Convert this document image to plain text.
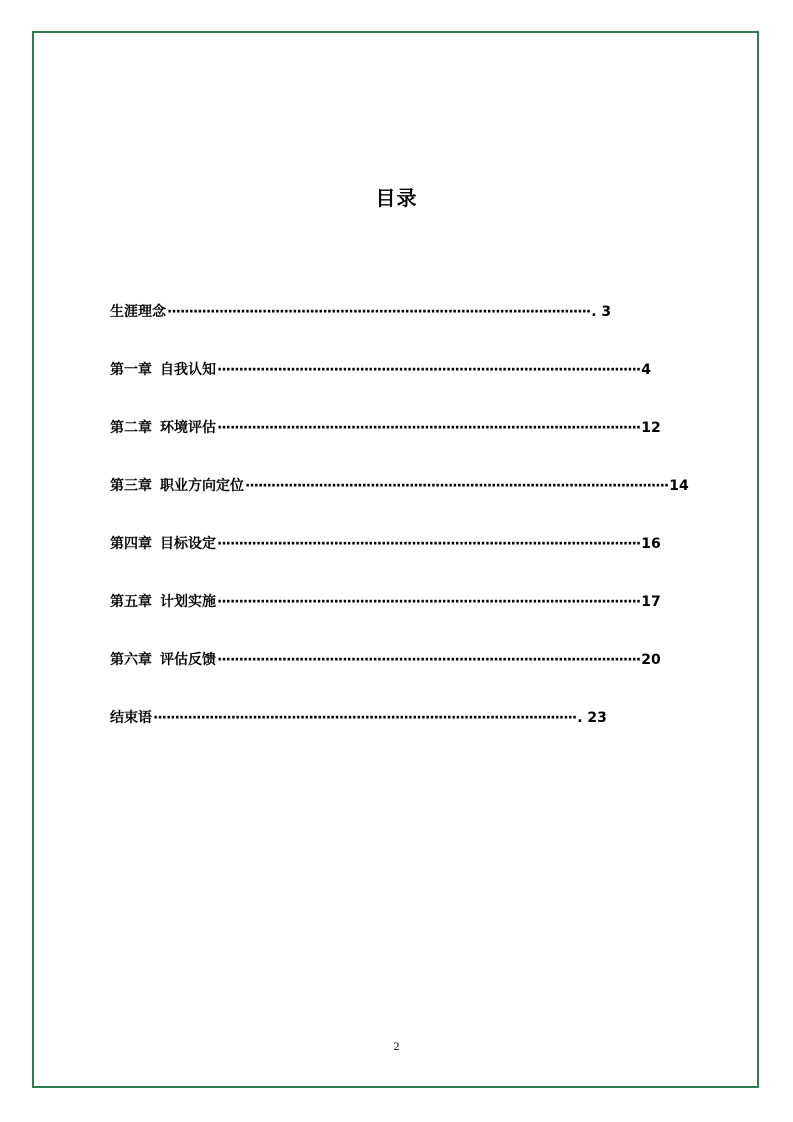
目录
生涯理念 ·································································································· . 3
第一章 自我认知 ·································································································· 4
第二章 环境评估 ·································································································· 12
第三章 职业方向定位 ·································································································· 14
第四章 目标设定 ·································································································· 16
第五章 计划实施 ·································································································· 17
第六章 评估反馈 ·································································································· 20
结束语 ·································································································· . 23
2
